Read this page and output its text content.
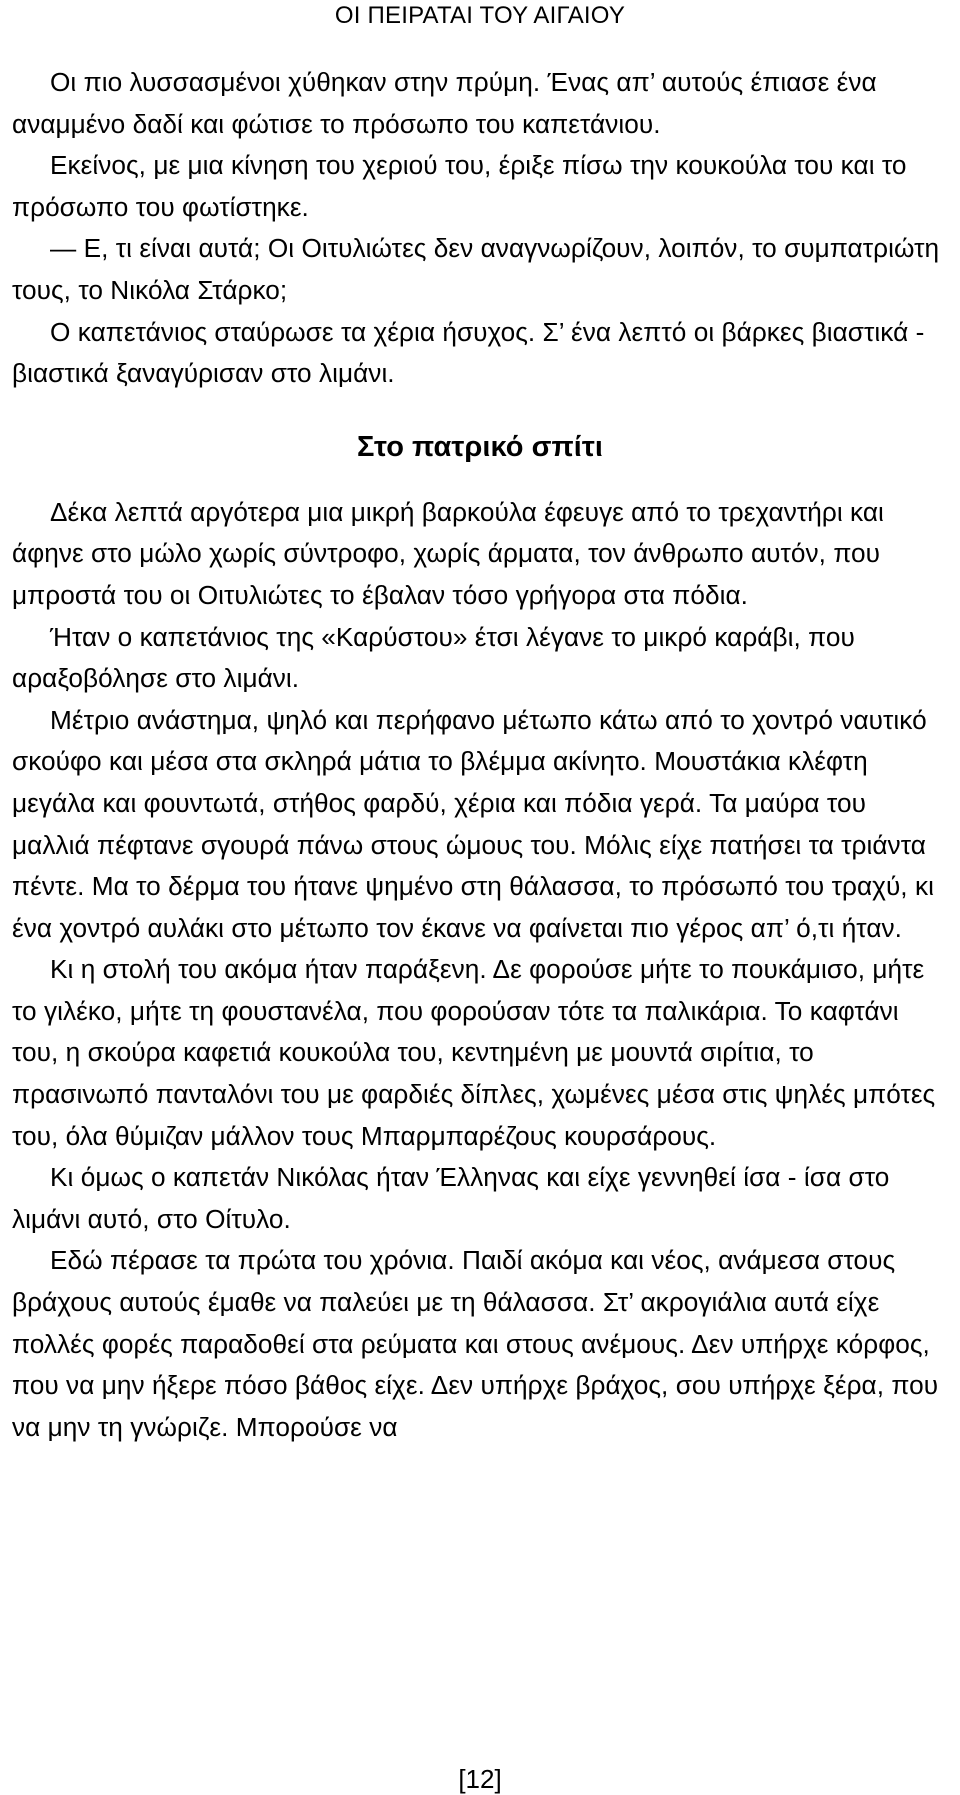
ΟΙ ΠΕΙΡΑΤΑΙ ΤΟΥ ΑΙΓΑΙΟΥ

Οι πιο λυσσασμένοι χύθηκαν στην πρύμη. Ένας απ’ αυτούς έπιασε ένα αναμμένο δαδί και φώτισε το πρόσωπο του καπετάνιου.

Εκείνος, με μια κίνηση του χεριού του, έριξε πίσω την κουκούλα του και το πρόσωπο του φωτίστηκε.

— Ε, τι είναι αυτά; Οι Οιτυλιώτες δεν αναγνωρίζουν, λοιπόν, το συμπατριώτη τους, το Νικόλα Στάρκο;

Ο καπετάνιος σταύρωσε τα χέρια ήσυχος. Σ’ ένα λεπτό οι βάρκες βιαστικά - βιαστικά ξαναγύρισαν στο λιμάνι.

Στο πατρικό σπίτι

Δέκα λεπτά αργότερα μια μικρή βαρκούλα έφευγε από το τρεχαντήρι και άφηνε στο μώλο χωρίς σύντροφο, χωρίς άρματα, τον άνθρωπο αυτόν, που μπροστά του οι Οιτυλιώτες το έβαλαν τόσο γρήγορα στα πόδια.

Ήταν ο καπετάνιος της «Καρύστου» έτσι λέγανε το μικρό καράβι, που αραξοβόλησε στο λιμάνι.

Μέτριο ανάστημα, ψηλό και περήφανο μέτωπο κάτω από το χοντρό ναυτικό σκούφο και μέσα στα σκληρά μάτια το βλέμμα ακίνητο. Μουστάκια κλέφτη μεγάλα και φουντωτά, στήθος φαρδύ, χέρια και πόδια γερά. Τα μαύρα του μαλλιά πέφτανε σγουρά πάνω στους ώμους του. Μόλις είχε πατήσει τα τριάντα πέντε. Μα το δέρμα του ήτανε ψημένο στη θάλασσα, το πρόσωπό του τραχύ, κι ένα χοντρό αυλάκι στο μέτωπο τον έκανε να φαίνεται πιο γέρος απ’ ό,τι ήταν.

Κι η στολή του ακόμα ήταν παράξενη. Δε φορούσε μήτε το πουκάμισο, μήτε το γιλέκο, μήτε τη φουστανέλα, που φορούσαν τότε τα παλικάρια. Το καφτάνι του, η σκούρα καφετιά κουκούλα του, κεντημένη με μουντά σιρίτια, το πρασινωπό πανταλόνι του με φαρδιές δίπλες, χωμένες μέσα στις ψηλές μπότες του, όλα θύμιζαν μάλλον τους Μπαρμπαρέζους κουρσάρους.

Κι όμως ο καπετάν Νικόλας ήταν Έλληνας και είχε γεννηθεί ίσα - ίσα στο λιμάνι αυτό, στο Οίτυλο.

Εδώ πέρασε τα πρώτα του χρόνια. Παιδί ακόμα και νέος, ανάμεσα στους βράχους αυτούς έμαθε να παλεύει με τη θάλασσα. Στ’ ακρογιάλια αυτά είχε πολλές φορές παραδοθεί στα ρεύματα και στους ανέμους. Δεν υπήρχε κόρφος, που να μην ήξερε πόσο βάθος είχε. Δεν υπήρχε βράχος, σου υπήρχε ξέρα, που να μην τη γνώριζε. Μπορούσε να

[12]
